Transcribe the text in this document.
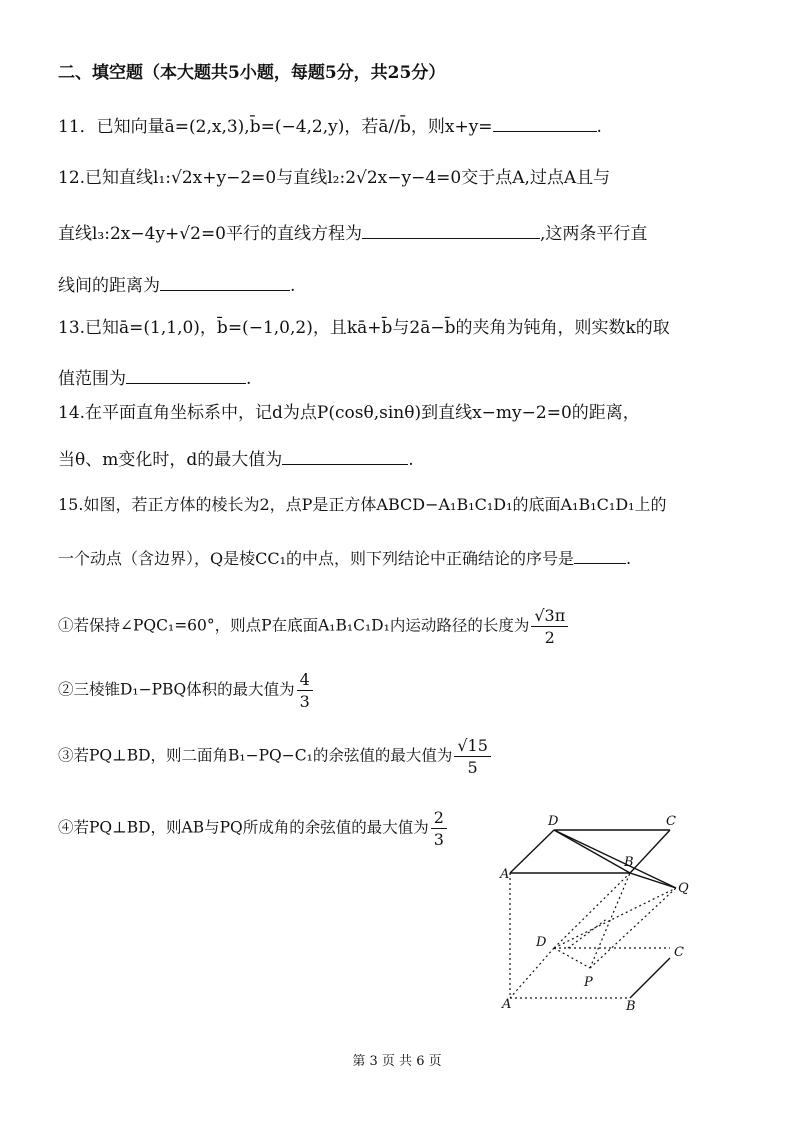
二、填空题（本大题共5小题，每题5分，共25分）
11．已知向量ā=(2,x,3),b̄=(−4,2,y)，若ā//b̄，则x+y=	.
12.已知直线l₁:√2x+y−2=0与直线l₂:2√2x−y−4=0交于点A,过点A且与
直线l₃:2x−4y+√2=0平行的直线方程为	,这两条平行直
线间的距离为	.
13.已知ā=(1,1,0)，b̄=(−1,0,2)，且kā+b̄与2ā−b̄的夹角为钝角，则实数k的取
值范围为	.
14.在平面直角坐标系中，记d为点P(cosθ,sinθ)到直线x−my−2=0的距离，
当θ、m变化时，d的最大值为	.
15.如图，若正方体的棱长为2，点P是正方体ABCD−A₁B₁C₁D₁的底面A₁B₁C₁D₁上的
一个动点（含边界），Q是棱CC₁的中点，则下列结论中正确结论的序号是	.
①若保持∠PQC₁=60°，则点P在底面A₁B₁C₁D₁内运动路径的长度为 $\frac{√3\pi}{2}$
②三棱锥D₁−PBQ体积的最大值为 $\frac{4}{3}$
③若PQ⊥BD，则二面角B₁−PQ−C₁的余弦值的最大值为 $\frac{√15}{5}$
④若PQ⊥BD，则AB与PQ所成角的余弦值的最大值为 $\frac{2}{3}$	D	C
A
B
Q
D
C
A	B
P
第 3 页 共 6 页
